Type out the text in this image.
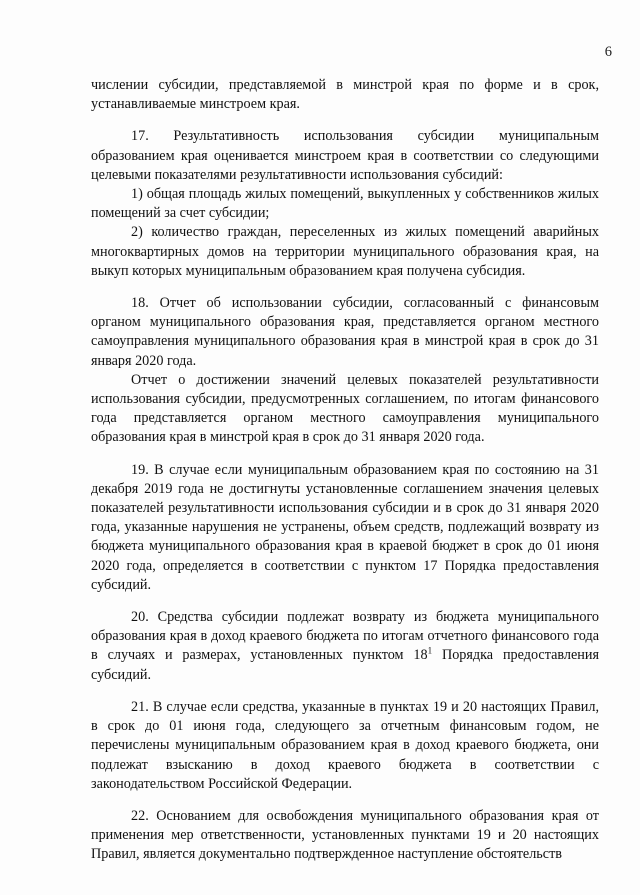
6

числении субсидии, представляемой в минстрой края по форме и в срок, устанавливаемые минстроем края.

17. Результативность использования субсидии муниципальным образованием края оценивается минстроем края в соответствии со следующими целевыми показателями результативности использования субсидий:

1) общая площадь жилых помещений, выкупленных у собственников жилых помещений за счет субсидии;

2) количество граждан, переселенных из жилых помещений аварийных многоквартирных домов на территории муниципального образования края, на выкуп которых муниципальным образованием края получена субсидия.

18. Отчет об использовании субсидии, согласованный с финансовым органом муниципального образования края, представляется органом местного самоуправления муниципального образования края в минстрой края в срок до 31 января 2020 года.

Отчет о достижении значений целевых показателей результативности использования субсидии, предусмотренных соглашением, по итогам финансового года представляется органом местного самоуправления муниципального образования края в минстрой края в срок до 31 января 2020 года.

19. В случае если муниципальным образованием края по состоянию на 31 декабря 2019 года не достигнуты установленные соглашением значения целевых показателей результативности использования субсидии и в срок до 31 января 2020 года, указанные нарушения не устранены, объем средств, подлежащий возврату из бюджета муниципального образования края в краевой бюджет в срок до 01 июня 2020 года, определяется в соответствии с пунктом 17 Порядка предоставления субсидий.

20. Средства субсидии подлежат возврату из бюджета муниципального образования края в доход краевого бюджета по итогам отчетного финансового года в случаях и размерах, установленных пунктом $18^1$ Порядка предоставления субсидий.

21. В случае если средства, указанные в пунктах 19 и 20 настоящих Правил, в срок до 01 июня года, следующего за отчетным финансовым годом, не перечислены муниципальным образованием края в доход краевого бюджета, они подлежат взысканию в доход краевого бюджета в соответствии с законодательством Российской Федерации.

22. Основанием для освобождения муниципального образования края от применения мер ответственности, установленных пунктами 19 и 20 настоящих Правил, является документально подтвержденное наступление обстоятельств
